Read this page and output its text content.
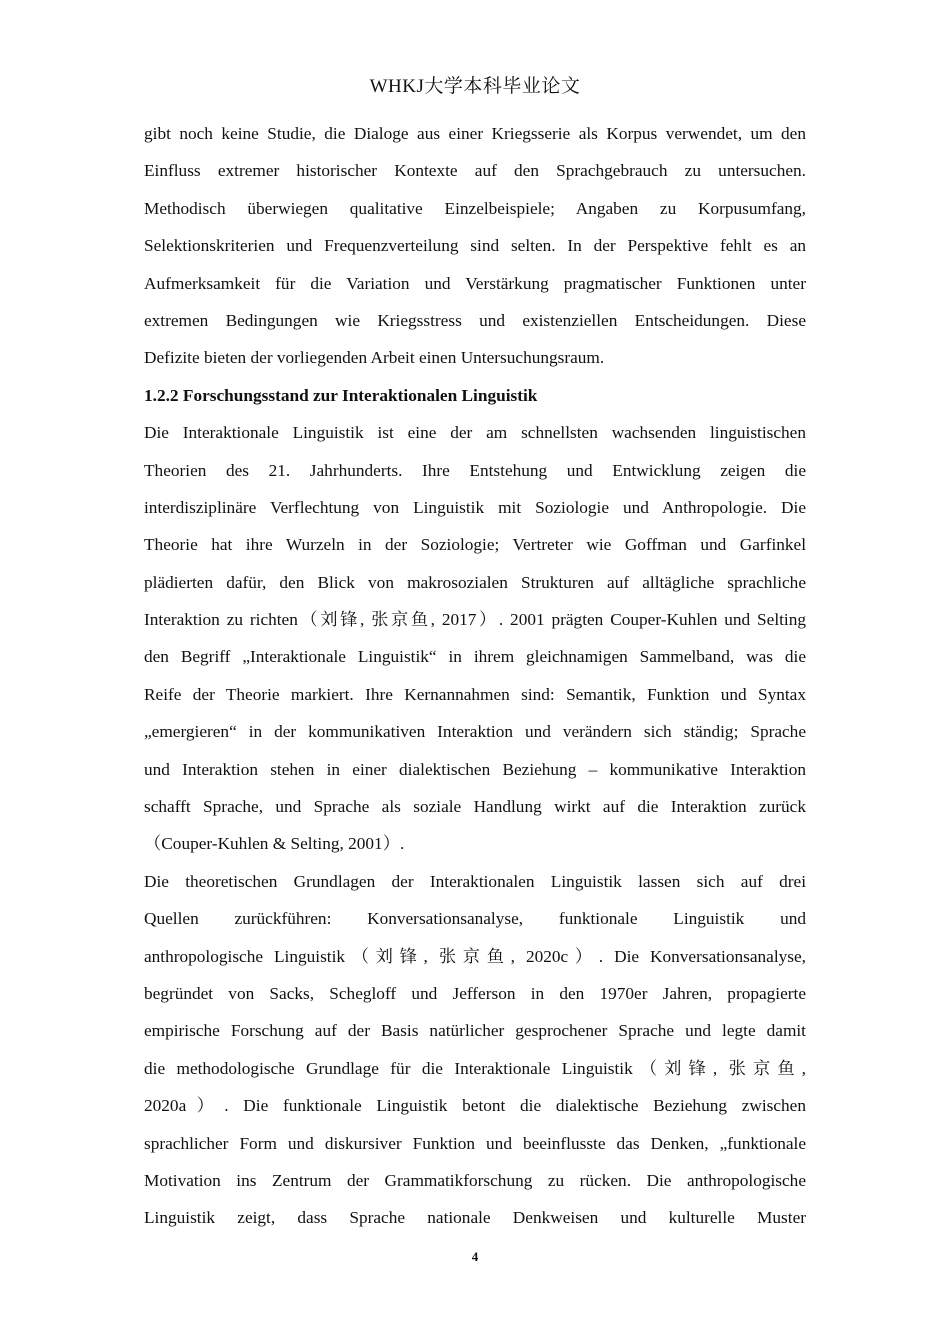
WHKJ大学本科毕业论文
gibt noch keine Studie, die Dialoge aus einer Kriegsserie als Korpus verwendet, um den
Einfluss extremer historischer Kontexte auf den Sprachgebrauch zu untersuchen.
Methodisch überwiegen qualitative Einzelbeispiele; Angaben zu Korpusumfang,
Selektionskriterien und Frequenzverteilung sind selten. In der Perspektive fehlt es an
Aufmerksamkeit für die Variation und Verstärkung pragmatischer Funktionen unter
extremen Bedingungen wie Kriegsstress und existenziellen Entscheidungen. Diese
Defizite bieten der vorliegenden Arbeit einen Untersuchungsraum.
1.2.2 Forschungsstand zur Interaktionalen Linguistik
Die Interaktionale Linguistik ist eine der am schnellsten wachsenden linguistischen
Theorien des 21. Jahrhunderts. Ihre Entstehung und Entwicklung zeigen die
interdisziplinäre Verflechtung von Linguistik mit Soziologie und Anthropologie. Die
Theorie hat ihre Wurzeln in der Soziologie; Vertreter wie Goffman und Garfinkel
plädierten dafür, den Blick von makrosozialen Strukturen auf alltägliche sprachliche
Interaktion zu richten（刘锋, 张京鱼, 2017）. 2001 prägten Couper-Kuhlen und Selting
den Begriff „Interaktionale Linguistik“ in ihrem gleichnamigen Sammelband, was die
Reife der Theorie markiert. Ihre Kernannahmen sind: Semantik, Funktion und Syntax
„emergieren“ in der kommunikativen Interaktion und verändern sich ständig; Sprache
und Interaktion stehen in einer dialektischen Beziehung – kommunikative Interaktion
schafft Sprache, und Sprache als soziale Handlung wirkt auf die Interaktion zurück
（Couper-Kuhlen & Selting, 2001）.
Die theoretischen Grundlagen der Interaktionalen Linguistik lassen sich auf drei
Quellen zurückführen: Konversationsanalyse, funktionale Linguistik und
anthropologische Linguistik（刘锋, 张京鱼, 2020c）. Die Konversationsanalyse,
begründet von Sacks, Schegloff und Jefferson in den 1970er Jahren, propagierte
empirische Forschung auf der Basis natürlicher gesprochener Sprache und legte damit
die methodologische Grundlage für die Interaktionale Linguistik（刘锋, 张京鱼,
2020a）. Die funktionale Linguistik betont die dialektische Beziehung zwischen
sprachlicher Form und diskursiver Funktion und beeinflusste das Denken, „funktionale
Motivation ins Zentrum der Grammatikforschung zu rücken. Die anthropologische
Linguistik zeigt, dass Sprache nationale Denkweisen und kulturelle Muster
4
